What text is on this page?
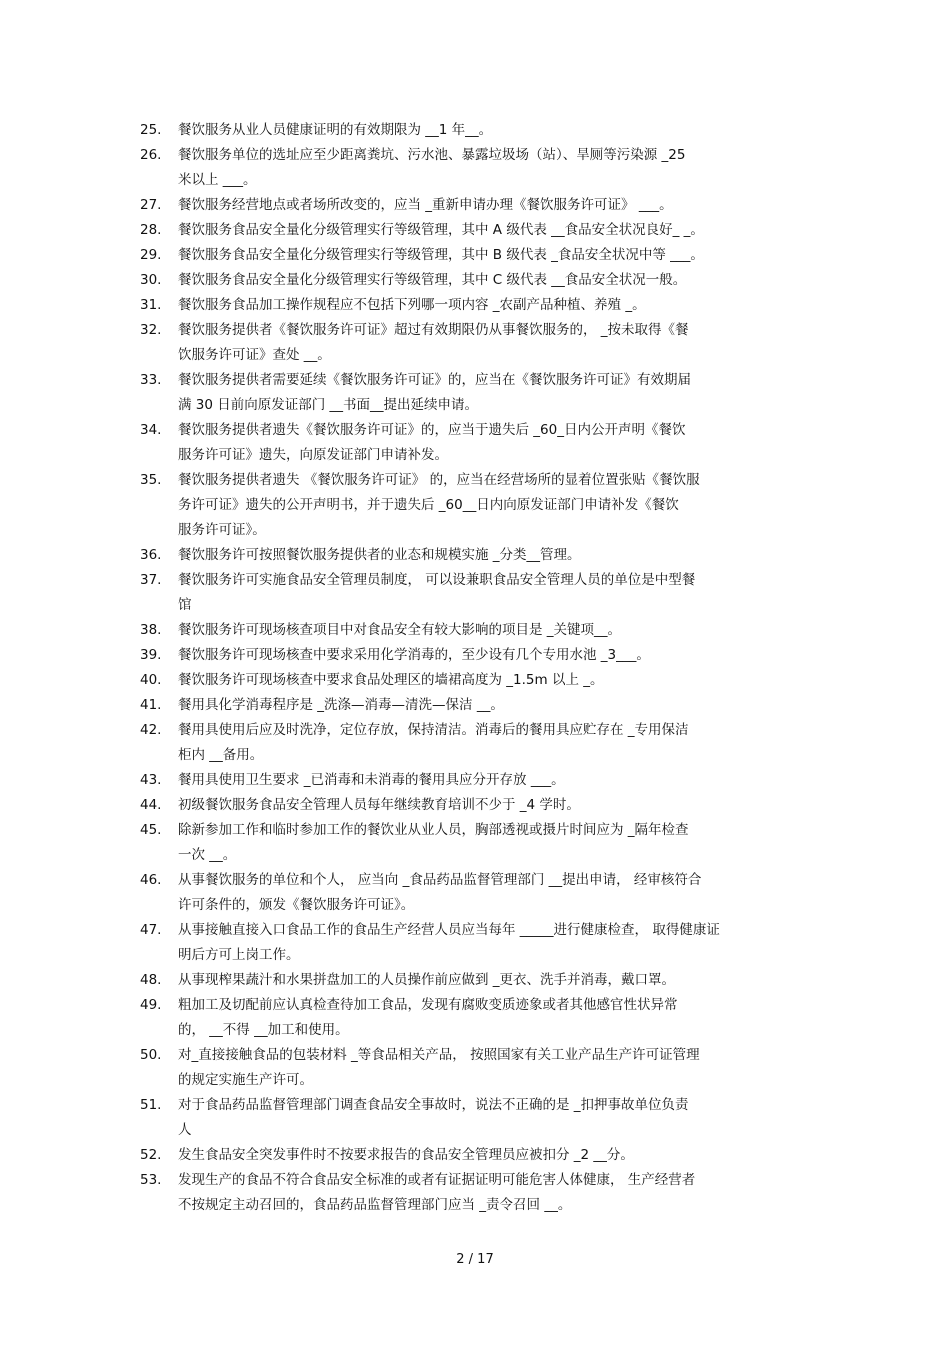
25.	餐饮服务从业人员健康证明的有效期限为 __1 年__。
26.	餐饮服务单位的选址应至少距离粪坑、污水池、暴露垃圾场（站）、旱厕等污染源 _25
米以上 ___。
27.	餐饮服务经营地点或者场所改变的，应当 _重新申请办理《餐饮服务许可证》 ___。
28.	餐饮服务食品安全量化分级管理实行等级管理，其中 A 级代表 __食品安全状况良好_ _。
29.	餐饮服务食品安全量化分级管理实行等级管理，其中 B 级代表 _食品安全状况中等 ___。
30.	餐饮服务食品安全量化分级管理实行等级管理，其中 C 级代表 __食品安全状况一般。
31.	餐饮服务食品加工操作规程应不包括下列哪一项内容 _农副产品种植、养殖 _。
32.	餐饮服务提供者《餐饮服务许可证》超过有效期限仍从事餐饮服务的， _按未取得《餐
饮服务许可证》查处 __。
33.	餐饮服务提供者需要延续《餐饮服务许可证》的，应当在《餐饮服务许可证》有效期届
满 30 日前向原发证部门 __书面__提出延续申请。
34.	餐饮服务提供者遗失《餐饮服务许可证》的，应当于遗失后 _60_日内公开声明《餐饮
服务许可证》遗失，向原发证部门申请补发。
35.	餐饮服务提供者遗失 《餐饮服务许可证》 的，应当在经营场所的显着位置张贴《餐饮服
务许可证》遗失的公开声明书，并于遗失后 _60__日内向原发证部门申请补发《餐饮
服务许可证》。
36.	餐饮服务许可按照餐饮服务提供者的业态和规模实施 _分类__管理。
37.	餐饮服务许可实施食品安全管理员制度， 可以设兼职食品安全管理人员的单位是中型餐
馆
38.	餐饮服务许可现场核查项目中对食品安全有较大影响的项目是 _关键项__。
39.	餐饮服务许可现场核查中要求采用化学消毒的，至少设有几个专用水池 _3___。
40.	餐饮服务许可现场核查中要求食品处理区的墙裙高度为 _1.5m 以上 _。
41.	餐用具化学消毒程序是 _洗涤—消毒—清洗—保洁 __。
42.	餐用具使用后应及时洗净，定位存放，保持清洁。消毒后的餐用具应贮存在 _专用保洁
柜内 __备用。
43.	餐用具使用卫生要求 _已消毒和未消毒的餐用具应分开存放 ___。
44.	初级餐饮服务食品安全管理人员每年继续教育培训不少于 _4 学时。
45.	除新参加工作和临时参加工作的餐饮业从业人员，胸部透视或摄片时间应为 _隔年检查
一次 __。
46.	从事餐饮服务的单位和个人， 应当向 _食品药品监督管理部门 __提出申请， 经审核符合
许可条件的，颁发《餐饮服务许可证》。
47.	从事接触直接入口食品工作的食品生产经营人员应当每年 _____进行健康检查， 取得健康证
明后方可上岗工作。
48.	从事现榨果蔬汁和水果拼盘加工的人员操作前应做到 _更衣、洗手并消毒，戴口罩。
49.	粗加工及切配前应认真检查待加工食品，发现有腐败变质迹象或者其他感官性状异常
的， __不得 __加工和使用。
50.	对_直接接触食品的包装材料 _等食品相关产品， 按照国家有关工业产品生产许可证管理
的规定实施生产许可。
51.	对于食品药品监督管理部门调查食品安全事故时，说法不正确的是 _扣押事故单位负责
人
52.	发生食品安全突发事件时不按要求报告的食品安全管理员应被扣分 _2 __分。
53.	发现生产的食品不符合食品安全标准的或者有证据证明可能危害人体健康， 生产经营者
不按规定主动召回的，食品药品监督管理部门应当 _责令召回 __。
2 / 17
